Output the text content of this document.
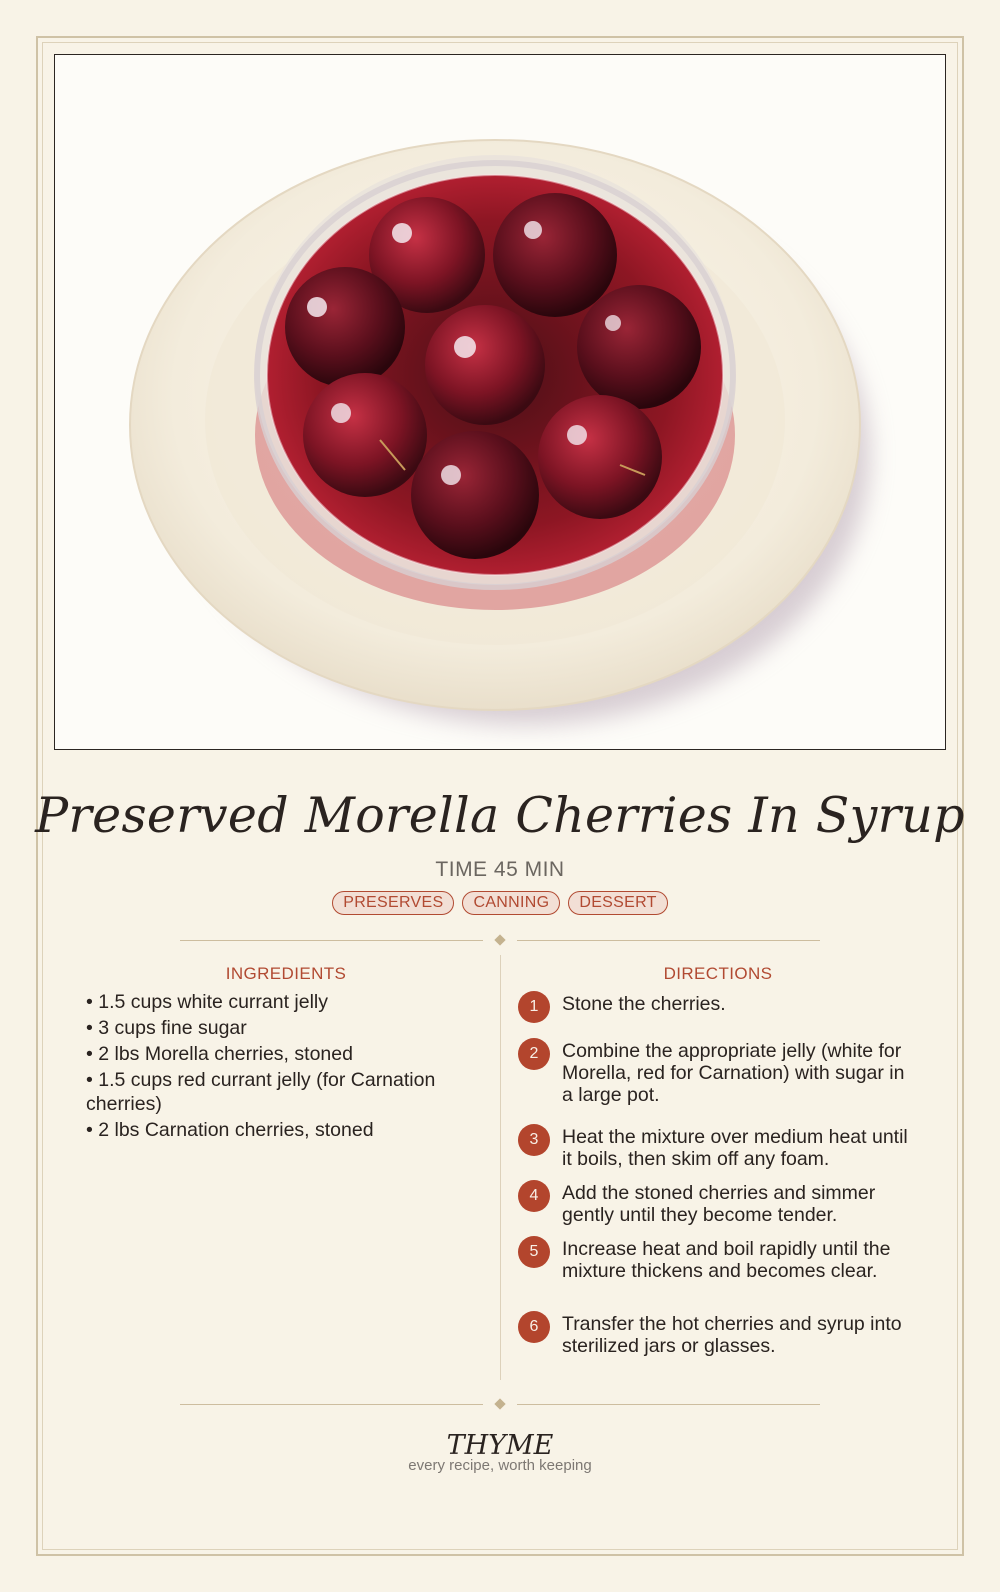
Preserved Morella Cherries In Syrup
TIME 45 MIN
PRESERVES	CANNING	DESSERT
INGREDIENTS	DIRECTIONS
• 1.5 cups white currant jelly
• 3 cups fine sugar
• 2 lbs Morella cherries, stoned
• 1.5 cups red currant jelly (for Carnation cherries)
• 2 lbs Carnation cherries, stoned
1	Stone the cherries.
2	Combine the appropriate jelly (white for Morella, red for Carnation) with sugar in a large pot.
3	Heat the mixture over medium heat until it boils, then skim off any foam.
4	Add the stoned cherries and simmer gently until they become tender.
5	Increase heat and boil rapidly until the mixture thickens and becomes clear.
6	Transfer the hot cherries and syrup into sterilized jars or glasses.
THYME
every recipe, worth keeping
